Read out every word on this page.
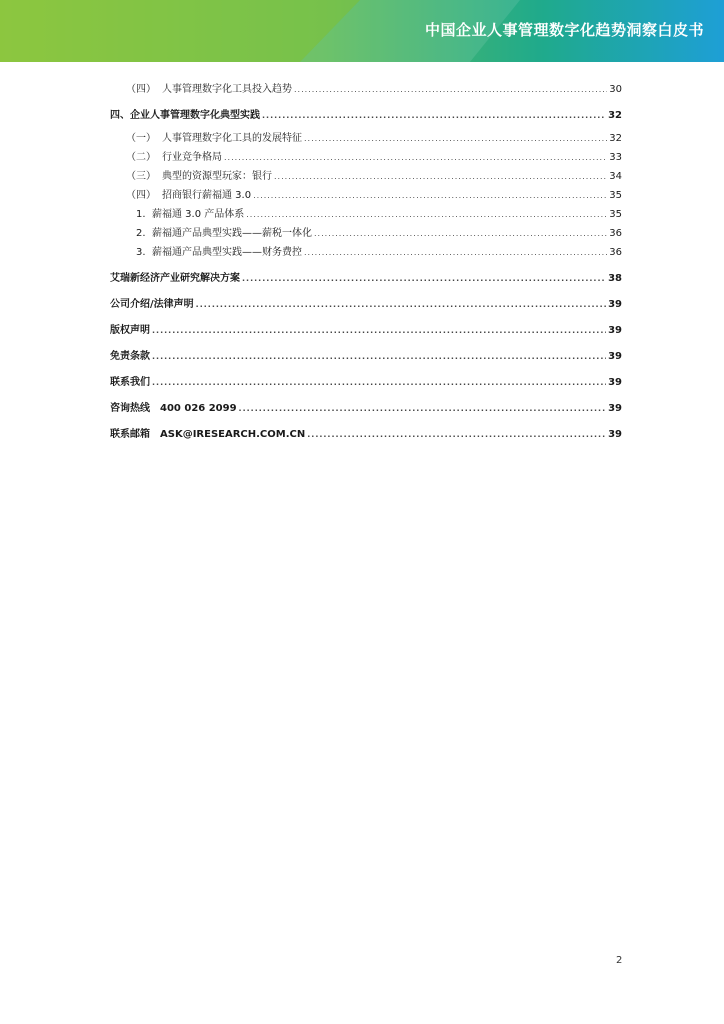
中国企业人事管理数字化趋势洞察白皮书
（四） 人事管理数字化工具投入趋势 .....	30
四、企业人事管理数字化典型实践 .....	32
（一） 人事管理数字化工具的发展特征 .....	32
（二） 行业竞争格局 .....	33
（三） 典型的资源型玩家：银行 .....	34
（四） 招商银行薪福通 3.0 .....	35
1. 薪福通 3.0 产品体系 .....	35
2. 薪福通产品典型实践——薪税一体化 .....	36
3. 薪福通产品典型实践——财务费控 .....	36
艾瑞新经济产业研究解决方案 .....	38
公司介绍/法律声明 .....	39
版权声明 .....	39
免责条款 .....	39
联系我们 .....	39
咨询热线　400 026 2099 .....	39
联系邮箱　ASK@IRESEARCH.COM.CN .....	39
2
